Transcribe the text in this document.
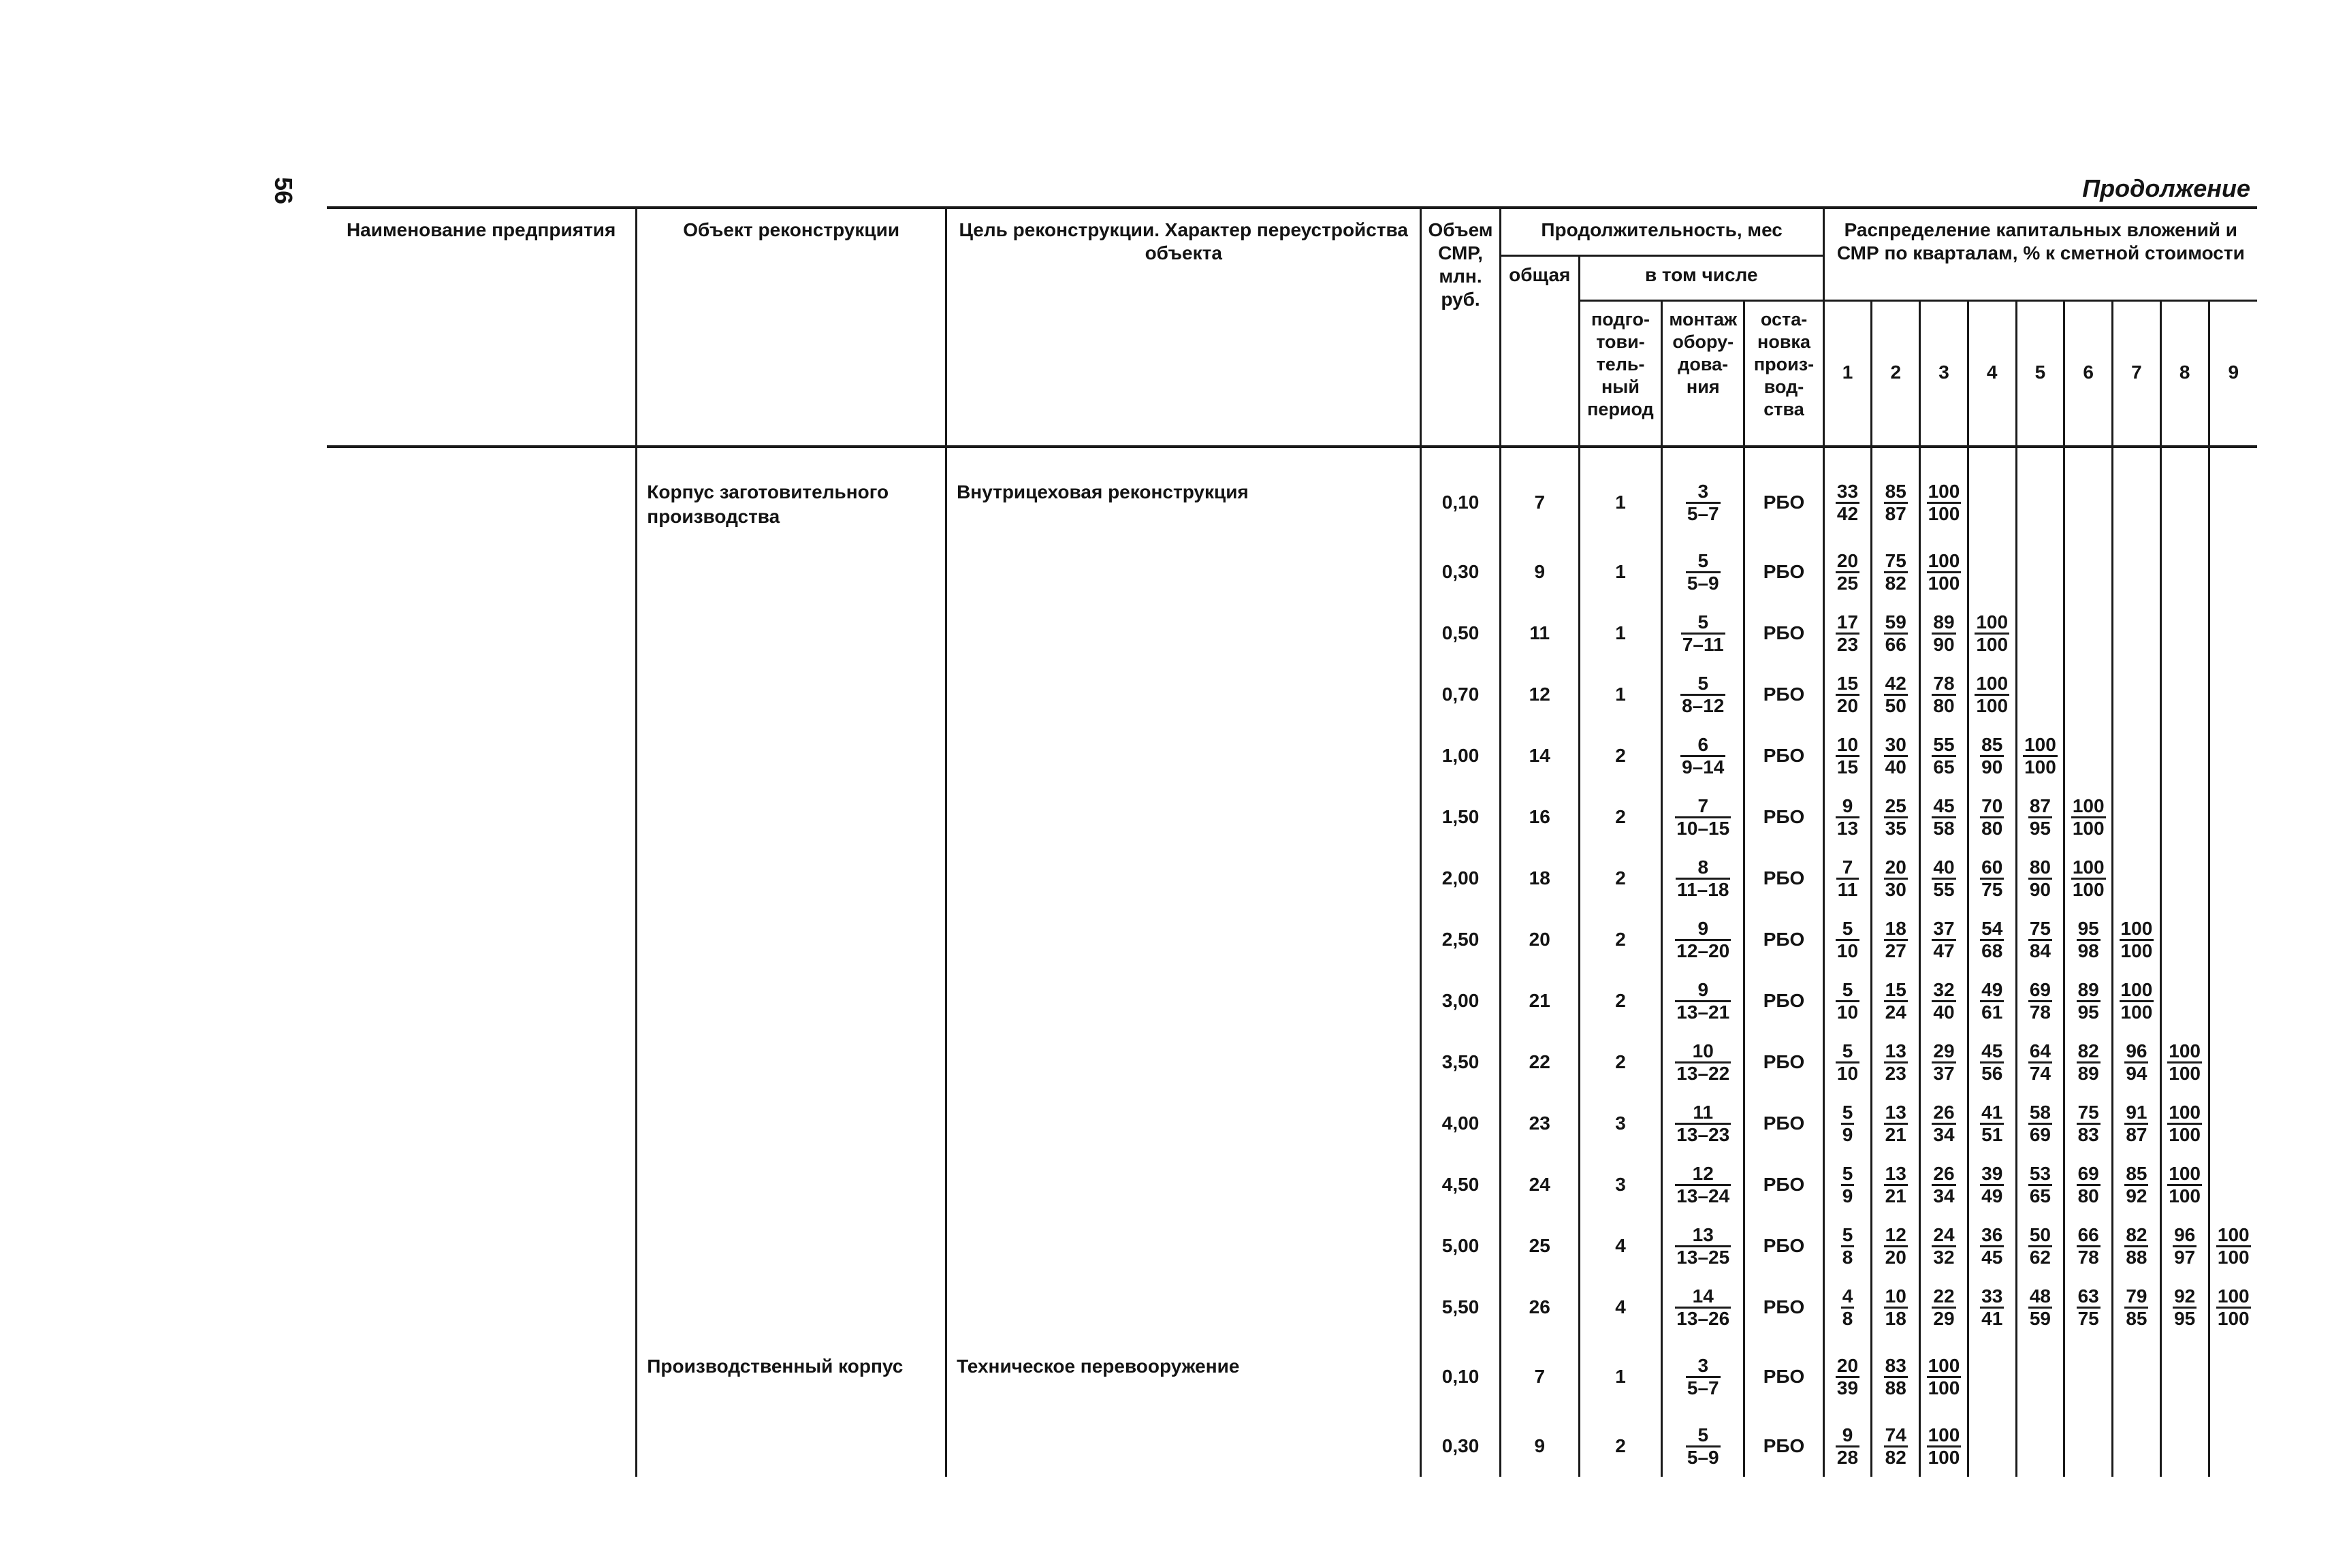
56	Продолжение
Наименование предприятия	Объект реконструкции	Цель реконструкции. Характер переустройства объекта	Объем СМР, млн. руб.	Продолжительность, мес				Распределение капитальных вложений и СМР по кварталам, % к сметной стоимости								
				общая	в том числе											
					подго-тови-тель-ный период	монтаж обору-дова-ния	оста-новка произ-вод-ства	1	2	3	4	5	6	7	8	9

	Корпус заготовительного производства	Внутрицеховая реконструкция	0,10	7	1	$\frac{3}{5-7}$	РБО	$\frac{33}{42}$	$\frac{85}{87}$	$\frac{100}{100}$

			0,30	9	1	$\frac{5}{5-9}$	РБО	$\frac{20}{25}$	$\frac{75}{82}$	$\frac{100}{100}$

			0,50	11	1	$\frac{5}{7-11}$	РБО	$\frac{17}{23}$	$\frac{59}{66}$	$\frac{89}{90}$	$\frac{100}{100}$

			0,70	12	1	$\frac{5}{8-12}$	РБО	$\frac{15}{20}$	$\frac{42}{50}$	$\frac{78}{80}$	$\frac{100}{100}$

			1,00	14	2	$\frac{6}{9-14}$	РБО	$\frac{10}{15}$	$\frac{30}{40}$	$\frac{55}{65}$	$\frac{85}{90}$	$\frac{100}{100}$

			1,50	16	2	$\frac{7}{10-15}$	РБО	$\frac{9}{13}$	$\frac{25}{35}$	$\frac{45}{58}$	$\frac{70}{80}$	$\frac{87}{95}$	$\frac{100}{100}$

			2,00	18	2	$\frac{8}{11-18}$	РБО	$\frac{7}{11}$	$\frac{20}{30}$	$\frac{40}{55}$	$\frac{60}{75}$	$\frac{80}{90}$	$\frac{100}{100}$

			2,50	20	2	$\frac{9}{12-20}$	РБО	$\frac{5}{10}$	$\frac{18}{27}$	$\frac{37}{47}$	$\frac{54}{68}$	$\frac{75}{84}$	$\frac{95}{98}$	$\frac{100}{100}$

			3,00	21	2	$\frac{9}{13-21}$	РБО	$\frac{5}{10}$	$\frac{15}{24}$	$\frac{32}{40}$	$\frac{49}{61}$	$\frac{69}{78}$	$\frac{89}{95}$	$\frac{100}{100}$

			3,50	22	2	$\frac{10}{13-22}$	РБО	$\frac{5}{10}$	$\frac{13}{23}$	$\frac{29}{37}$	$\frac{45}{56}$	$\frac{64}{74}$	$\frac{82}{89}$	$\frac{96}{94}$	$\frac{100}{100}$

			4,00	23	3	$\frac{11}{13-23}$	РБО	$\frac{5}{9}$	$\frac{13}{21}$	$\frac{26}{34}$	$\frac{41}{51}$	$\frac{58}{69}$	$\frac{75}{83}$	$\frac{91}{87}$	$\frac{100}{100}$

			4,50	24	3	$\frac{12}{13-24}$	РБО	$\frac{5}{9}$	$\frac{13}{21}$	$\frac{26}{34}$	$\frac{39}{49}$	$\frac{53}{65}$	$\frac{69}{80}$	$\frac{85}{92}$	$\frac{100}{100}$

			5,00	25	4	$\frac{13}{13-25}$	РБО	$\frac{5}{8}$	$\frac{12}{20}$	$\frac{24}{32}$	$\frac{36}{45}$	$\frac{50}{62}$	$\frac{66}{78}$	$\frac{82}{88}$	$\frac{96}{97}$	$\frac{100}{100}$

			5,50	26	4	$\frac{14}{13-26}$	РБО	$\frac{4}{8}$	$\frac{10}{18}$	$\frac{22}{29}$	$\frac{33}{41}$	$\frac{48}{59}$	$\frac{63}{75}$	$\frac{79}{85}$	$\frac{92}{95}$	$\frac{100}{100}$

	Производственный корпус	Техническое перевооружение	0,10	7	1	$\frac{3}{5-7}$	РБО	$\frac{20}{39}$	$\frac{83}{88}$	$\frac{100}{100}$

			0,30	9	2	$\frac{5}{5-9}$	РБО	$\frac{9}{28}$	$\frac{74}{82}$	$\frac{100}{100}$
